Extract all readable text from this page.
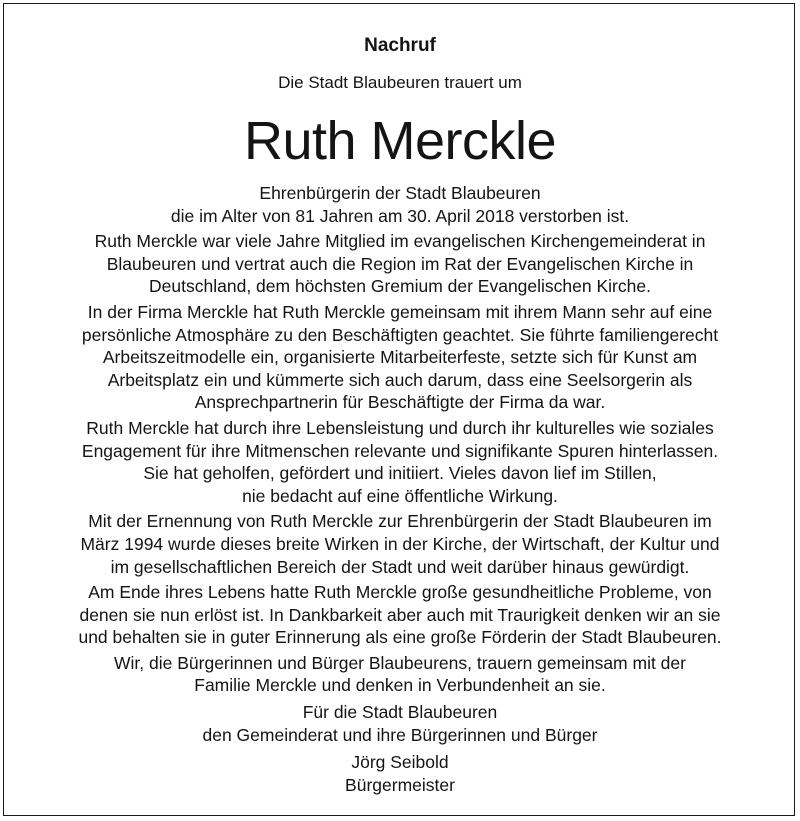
Nachruf
Die Stadt Blaubeuren trauert um
Ruth Merckle
Ehrenbürgerin der Stadt Blaubeuren
die im Alter von 81 Jahren am 30. April 2018 verstorben ist.
Ruth Merckle war viele Jahre Mitglied im evangelischen Kirchengemeinderat in
Blaubeuren und vertrat auch die Region im Rat der Evangelischen Kirche in
Deutschland, dem höchsten Gremium der Evangelischen Kirche.
In der Firma Merckle hat Ruth Merckle gemeinsam mit ihrem Mann sehr auf eine
persönliche Atmosphäre zu den Beschäftigten geachtet. Sie führte familiengerecht
Arbeitszeitmodelle ein, organisierte Mitarbeiterfeste, setzte sich für Kunst am
Arbeitsplatz ein und kümmerte sich auch darum, dass eine Seelsorgerin als
Ansprechpartnerin für Beschäftigte der Firma da war.
Ruth Merckle hat durch ihre Lebensleistung und durch ihr kulturelles wie soziales
Engagement für ihre Mitmenschen relevante und signifikante Spuren hinterlassen.
Sie hat geholfen, gefördert und initiiert. Vieles davon lief im Stillen,
nie bedacht auf eine öffentliche Wirkung.
Mit der Ernennung von Ruth Merckle zur Ehrenbürgerin der Stadt Blaubeuren im
März 1994 wurde dieses breite Wirken in der Kirche, der Wirtschaft, der Kultur und
im gesellschaftlichen Bereich der Stadt und weit darüber hinaus gewürdigt.
Am Ende ihres Lebens hatte Ruth Merckle große gesundheitliche Probleme, von
denen sie nun erlöst ist. In Dankbarkeit aber auch mit Traurigkeit denken wir an sie
und behalten sie in guter Erinnerung als eine große Förderin der Stadt Blaubeuren.
Wir, die Bürgerinnen und Bürger Blaubeurens, trauern gemeinsam mit der
Familie Merckle und denken in Verbundenheit an sie.
Für die Stadt Blaubeuren
den Gemeinderat und ihre Bürgerinnen und Bürger
Jörg Seibold
Bürgermeister
